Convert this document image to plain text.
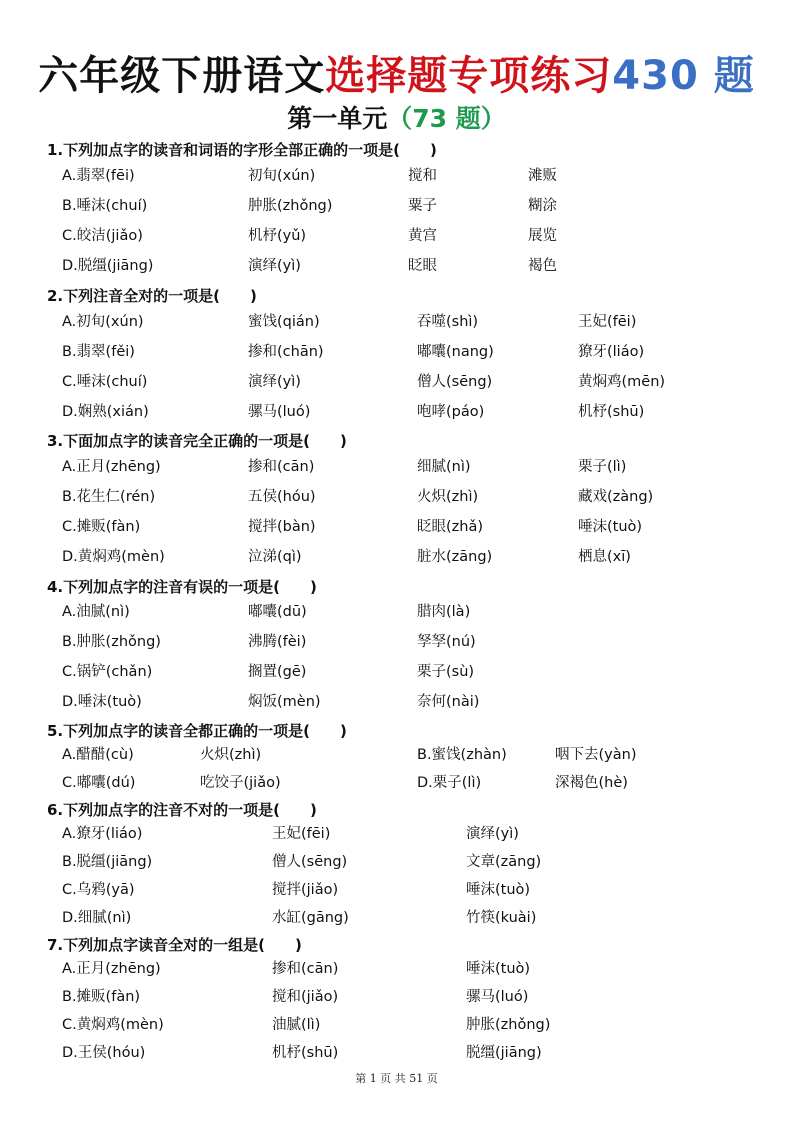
六年级下册语文选择题专项练习430 题
第一单元（73 题）
1.下列加点字的读音和词语的字形全部正确的一项是(　　)
A.翡翠(fēi)	初旬(xún)	搅和	滩贩
B.唾沫(chuí)	肿胀(zhǒng)	粟子	糊涂
C.皎洁(jiǎo)	机杼(yǔ)	黄宫	展览
D.脱缰(jiāng)	演绎(yì)	眨眼	褐色
2.下列注音全对的一项是(　　)
A.初旬(xún)	蜜饯(qián)	吞噬(shì)	王妃(fēi)
B.翡翠(fěi)	掺和(chān)	嘟囔(nang)	獠牙(liáo)
C.唾沫(chuí)	演绎(yì)	僧人(sēng)	黄焖鸡(mēn)
D.娴熟(xián)	骡马(luó)	咆哮(páo)	机杼(shū)
3.下面加点字的读音完全正确的一项是(　　)
A.正月(zhēng)	掺和(cān)	细腻(nì)	栗子(lì)
B.花生仁(rén)	五侯(hóu)	火炽(zhì)	藏戏(zàng)
C.摊贩(fàn)	搅拌(bàn)	眨眼(zhǎ)	唾沫(tuò)
D.黄焖鸡(mèn)	泣涕(qì)	脏水(zāng)	栖息(xī)
4.下列加点字的注音有误的一项是(　　)
A.油腻(nì)	嘟囔(dū)	腊肉(là)
B.肿胀(zhǒng)	沸腾(fèi)	孥孥(nú)
C.锅铲(chǎn)	搁置(gē)	栗子(sù)
D.唾沫(tuò)	焖饭(mèn)	奈何(nài)
5.下列加点字的读音全都正确的一项是(　　)
A.醋醋(cù)	火炽(zhì)	B.蜜饯(zhàn)	咽下去(yàn)
C.嘟囔(dú)	吃饺子(jiǎo)	D.栗子(lì)	深褐色(hè)
6.下列加点字的注音不对的一项是(　　)
A.獠牙(liáo)	王妃(fēi)	演绎(yì)
B.脱缰(jiāng)	僧人(sēng)	文章(zāng)
C.乌鸦(yā)	搅拌(jiǎo)	唾沫(tuò)
D.细腻(nì)	水缸(gāng)	竹筷(kuài)
7.下列加点字读音全对的一组是(　　)
A.正月(zhēng)	掺和(cān)	唾沫(tuò)
B.摊贩(fàn)	搅和(jiǎo)	骡马(luó)
C.黄焖鸡(mèn)	油腻(lì)	肿胀(zhǒng)
D.王侯(hóu)	机杼(shū)	脱缰(jiāng)
第 1 页 共 51 页
